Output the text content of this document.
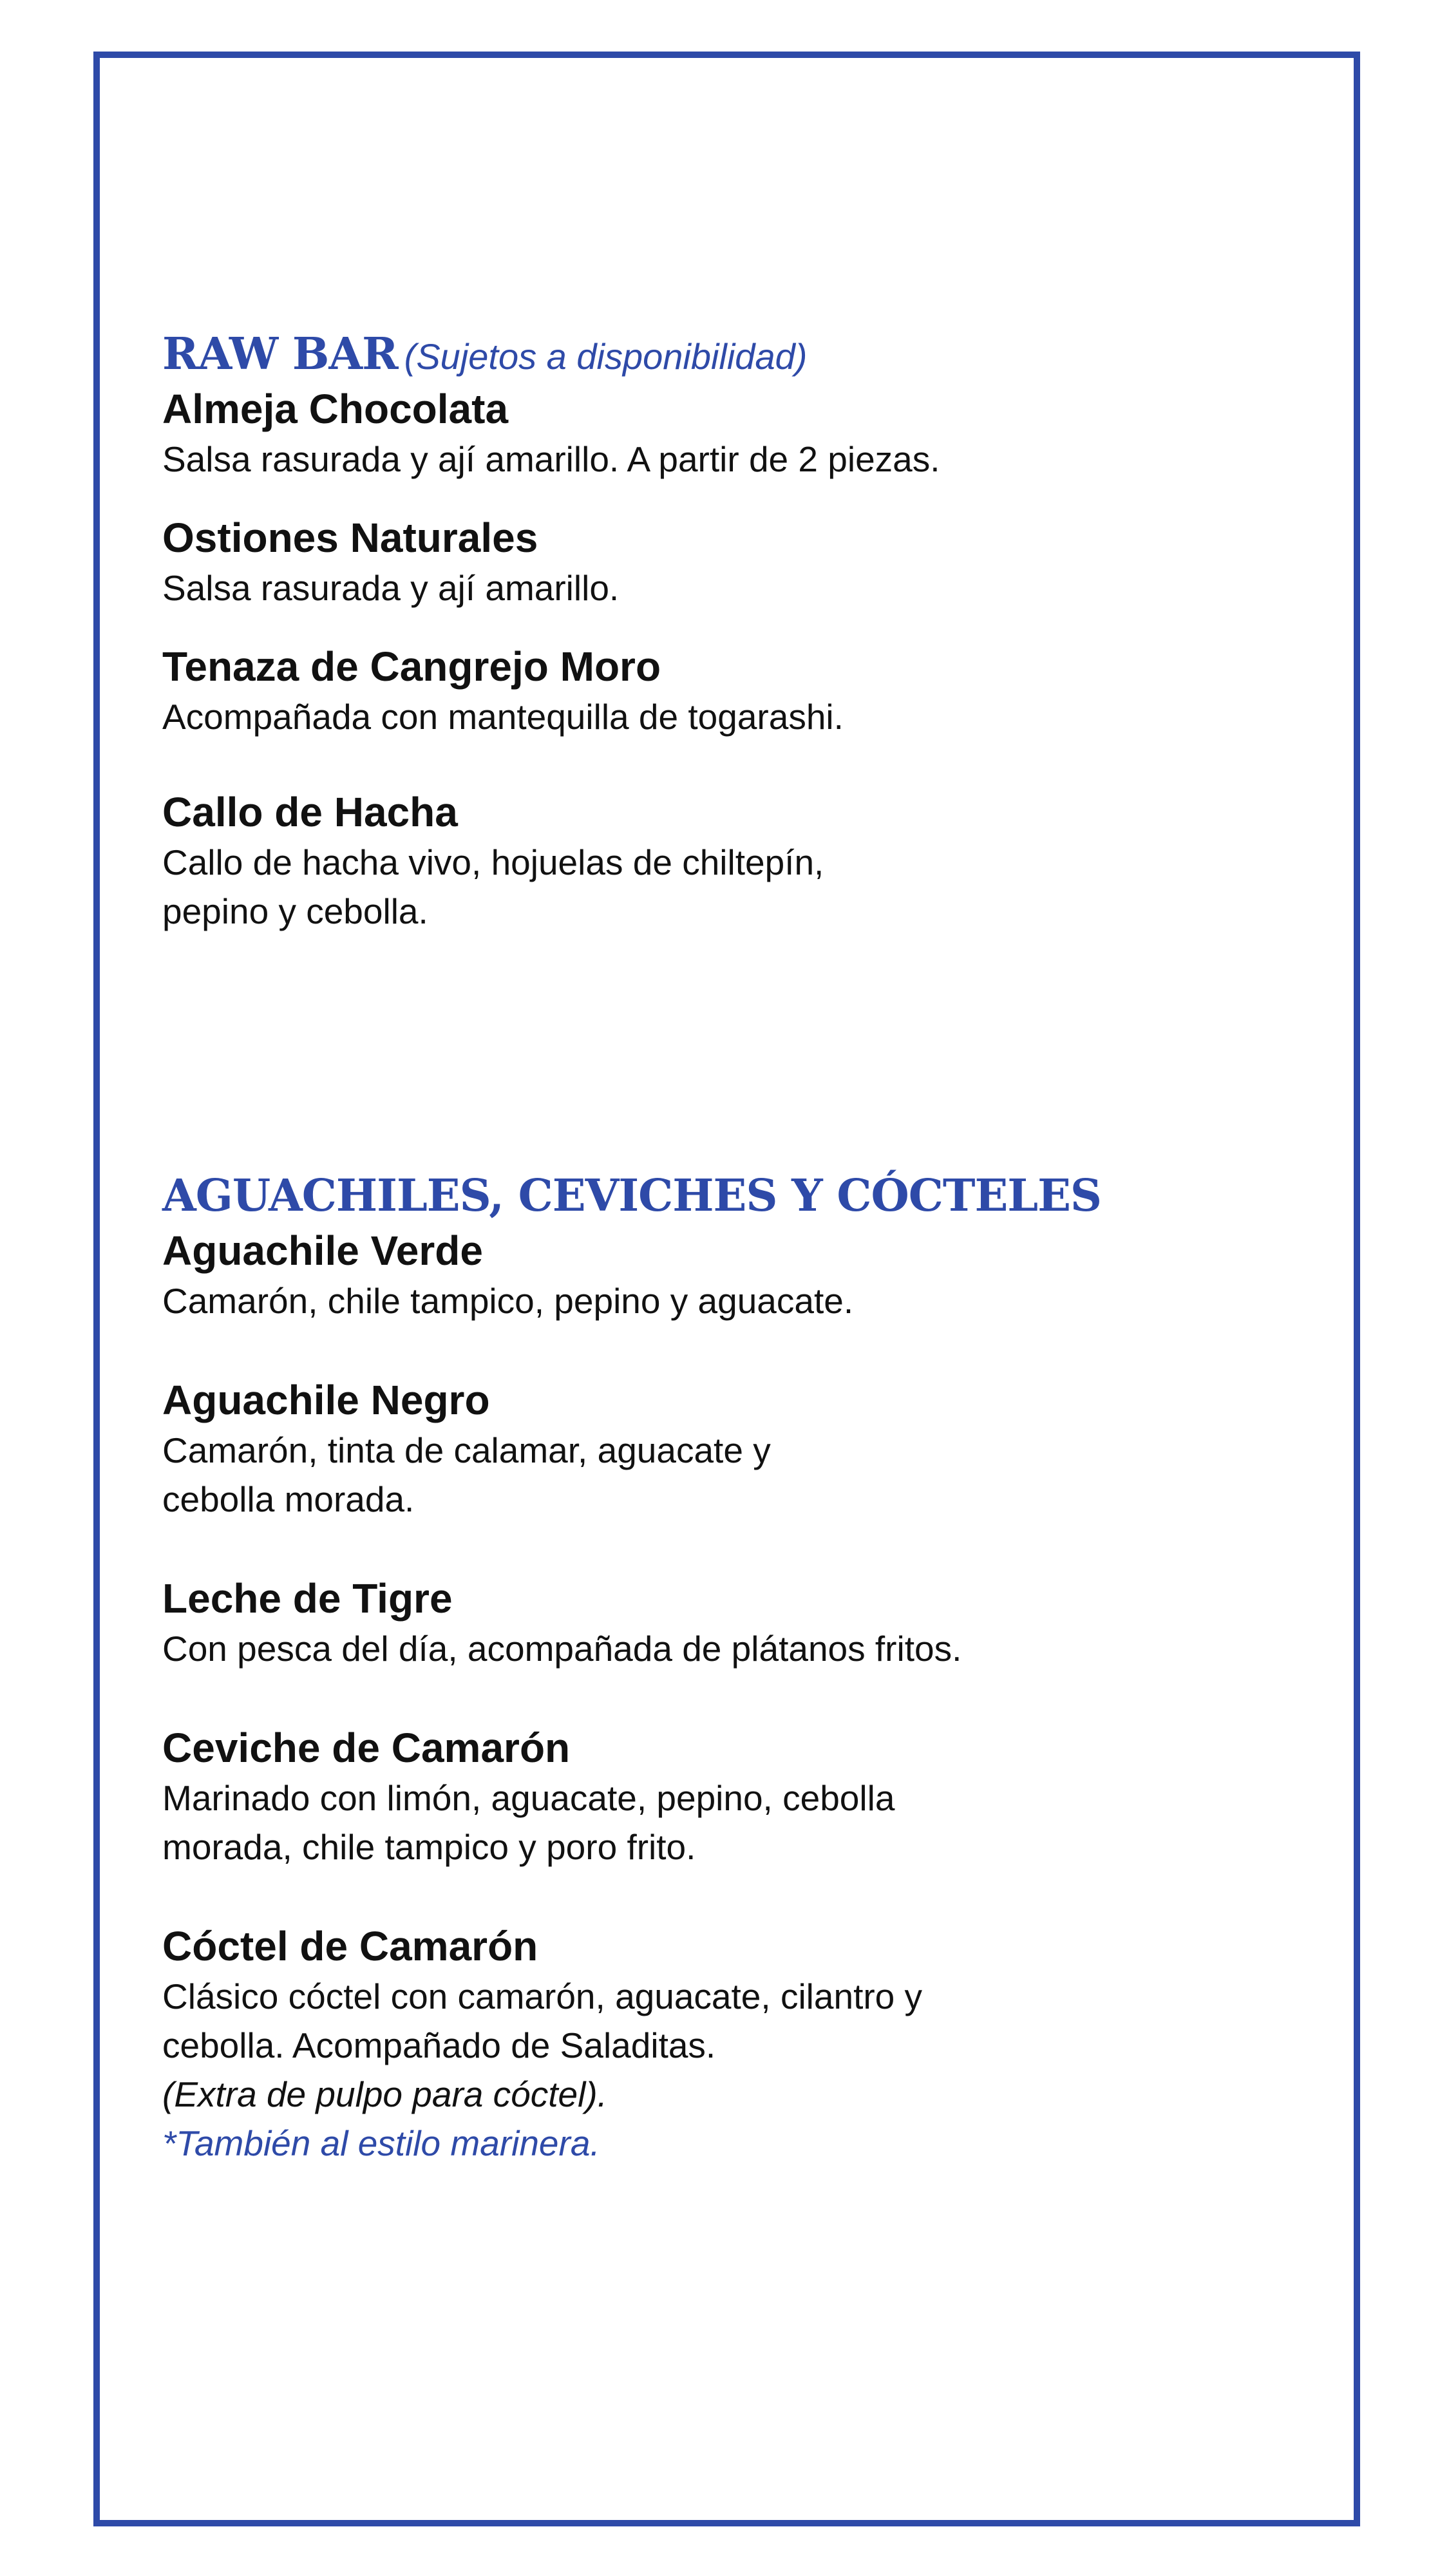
RAW BAR (Sujetos a disponibilidad)

Almeja Chocolata

Salsa rasurada y ají amarillo. A partir de 2 piezas.

Ostiones Naturales

Salsa rasurada y ají amarillo.

Tenaza de Cangrejo Moro

Acompañada con mantequilla de togarashi.

Callo de Hacha

Callo de hacha vivo, hojuelas de chiltepín,

pepino y cebolla.

AGUACHILES, CEVICHES Y CÓCTELES

Aguachile Verde

Camarón, chile tampico, pepino y aguacate.

Aguachile Negro

Camarón, tinta de calamar, aguacate y

cebolla morada.

Leche de Tigre

Con pesca del día, acompañada de plátanos fritos.

Ceviche de Camarón

Marinado con limón, aguacate, pepino, cebolla

morada, chile tampico y poro frito.

Cóctel de Camarón

Clásico cóctel con camarón, aguacate, cilantro y

cebolla. Acompañado de Saladitas.

(Extra de pulpo para cóctel).

*También al estilo marinera.
